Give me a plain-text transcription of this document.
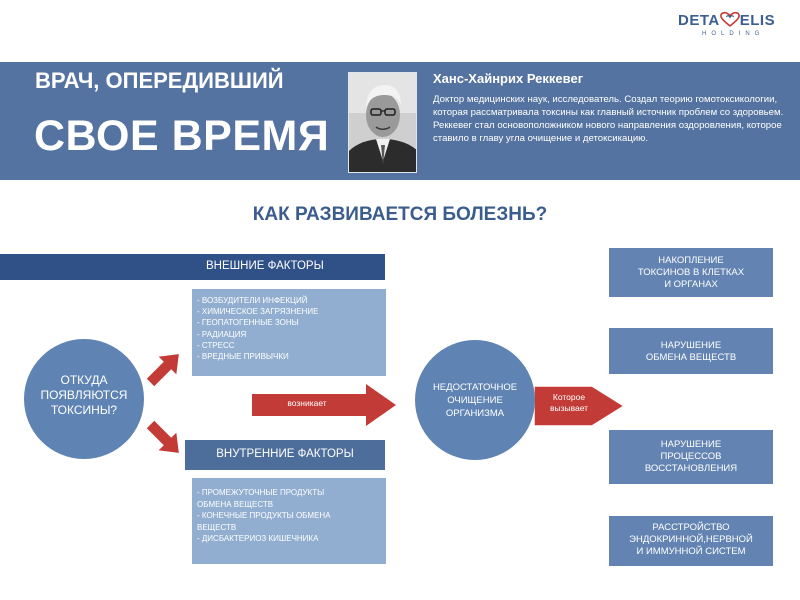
DETA ELIS
HOLDING
ВРАЧ, ОПЕРЕДИВШИЙ
СВОЕ ВРЕМЯ
Ханс-Хайнрих Реккевег
Доктор медицинских наук, исследователь. Создал теорию гомотоксикологии, которая рассматривала токсины как главный источник проблем со здоровьем. Реккевег стал основоположником нового направления оздоровления, которое ставило в главу угла очищение и детоксикацию.
КАК РАЗВИВАЕТСЯ БОЛЕЗНЬ?
ВНЕШНИЕ ФАКТОРЫ
- ВОЗБУДИТЕЛИ ИНФЕКЦИЙ
- ХИМИЧЕСКОЕ ЗАГРЯЗНЕНИЕ
- ГЕОПАТОГЕННЫЕ ЗОНЫ
- РАДИАЦИЯ
- СТРЕСС
- ВРЕДНЫЕ ПРИВЫЧКИ
ОТКУДА
ПОЯВЛЯЮТСЯ
ТОКСИНЫ?
ВНУТРЕННИЕ ФАКТОРЫ
- ПРОМЕЖУТОЧНЫЕ ПРОДУКТЫ
ОБМЕНА ВЕЩЕСТВ
- КОНЕЧНЫЕ ПРОДУКТЫ ОБМЕНА
ВЕЩЕСТВ
- ДИСБАКТЕРИОЗ КИШЕЧНИКА
возникает
НЕДОСТАТОЧНОЕ
ОЧИЩЕНИЕ
ОРГАНИЗМА
Которое
вызывает
НАКОПЛЕНИЕ
ТОКСИНОВ В КЛЕТКАХ
И ОРГАНАХ
НАРУШЕНИЕ
ОБМЕНА ВЕЩЕСТВ
НАРУШЕНИЕ
ПРОЦЕССОВ
ВОССТАНОВЛЕНИЯ
РАССТРОЙСТВО
ЭНДОКРИННОЙ,НЕРВНОЙ
И ИММУННОЙ СИСТЕМ
